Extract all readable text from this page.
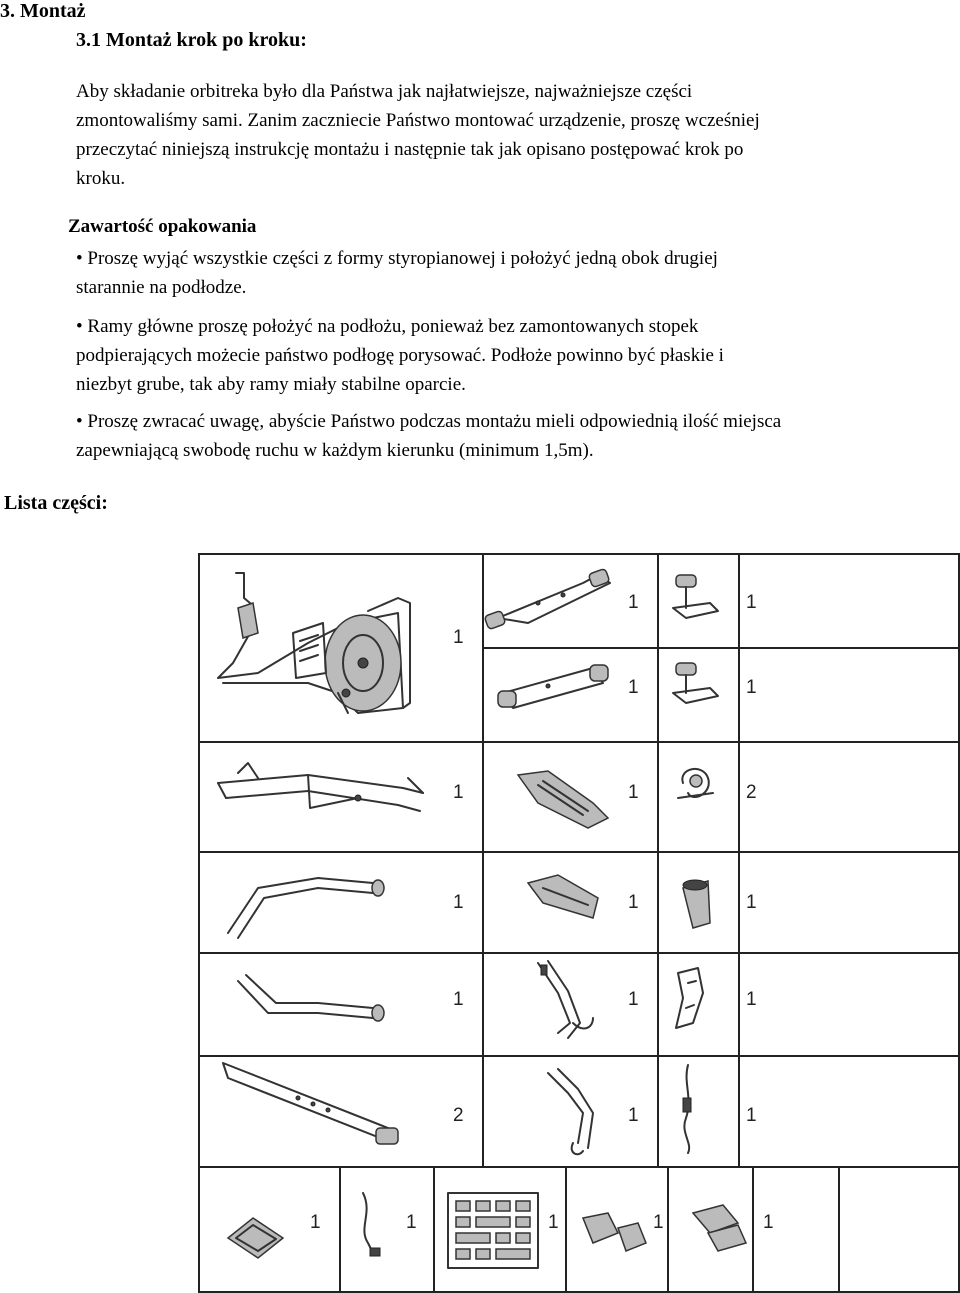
3. Montaż
3.1 Montaż krok po kroku:
Aby składanie orbitreka było dla Państwa jak najłatwiejsze, najważniejsze części
zmontowaliśmy sami. Zanim zaczniecie Państwo montować urządzenie, proszę wcześniej
przeczytać niniejszą instrukcję montażu i następnie tak jak opisano postępować krok po
kroku.
Zawartość opakowania
• Proszę wyjąć wszystkie części z formy styropianowej i położyć jedną obok drugiej
starannie na podłodze.
• Ramy główne proszę położyć na podłożu, ponieważ bez zamontowanych stopek
podpierających możecie państwo podłogę porysować. Podłoże powinno być płaskie i
niezbyt grube, tak aby ramy miały stabilne oparcie.
• Proszę zwracać uwagę, abyście Państwo podczas montażu mieli odpowiednią ilość miejsca
zapewniającą swobodę ruchu w każdym kierunku (minimum 1,5m).
Lista części:
1
1	1
1	1
1	1	2
1	1	1
1	1	1
2	1	1
1	1	1	1	1
